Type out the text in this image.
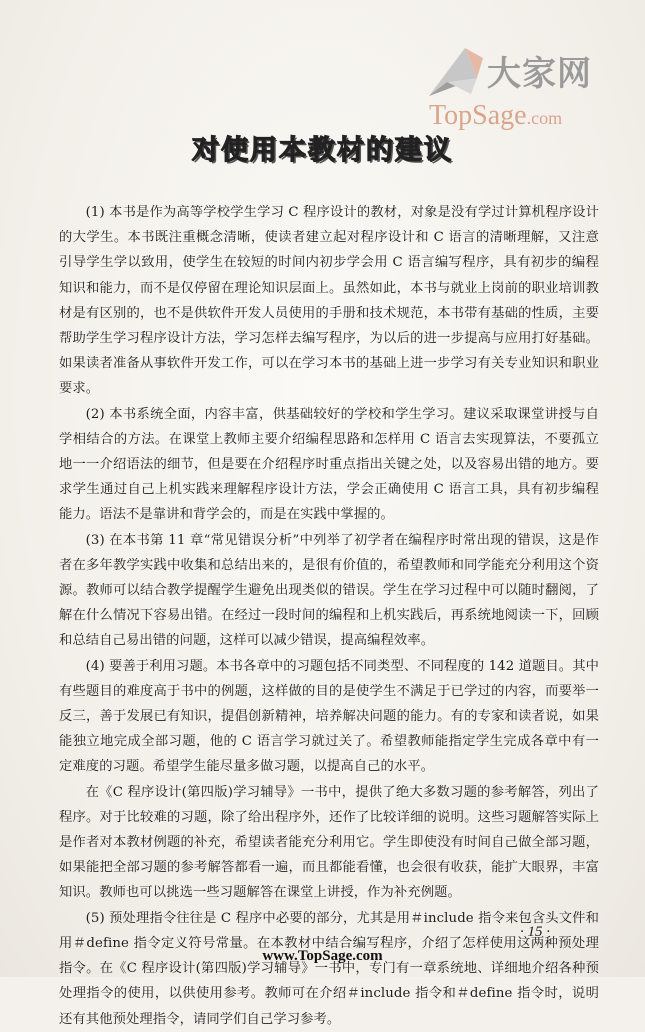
大家网
TopSage.com
对使用本教材的建议

(1) 本书是作为高等学校学生学习 C 程序设计的教材，对象是没有学过计算机程序设计的大学生。本书既注重概念清晰，使读者建立起对程序设计和 C 语言的清晰理解，又注意引导学生学以致用，使学生在较短的时间内初步学会用 C 语言编写程序，具有初步的编程知识和能力，而不是仅停留在理论知识层面上。虽然如此，本书与就业上岗前的职业培训教材是有区别的，也不是供软件开发人员使用的手册和技术规范，本书带有基础的性质，主要帮助学生学习程序设计方法，学习怎样去编写程序，为以后的进一步提高与应用打好基础。如果读者准备从事软件开发工作，可以在学习本书的基础上进一步学习有关专业知识和职业要求。

(2) 本书系统全面，内容丰富，供基础较好的学校和学生学习。建议采取课堂讲授与自学相结合的方法。在课堂上教师主要介绍编程思路和怎样用 C 语言去实现算法，不要孤立地一一介绍语法的细节，但是要在介绍程序时重点指出关键之处，以及容易出错的地方。要求学生通过自己上机实践来理解程序设计方法，学会正确使用 C 语言工具，具有初步编程能力。语法不是靠讲和背学会的，而是在实践中掌握的。

(3) 在本书第 11 章“常见错误分析”中列举了初学者在编程序时常出现的错误，这是作者在多年教学实践中收集和总结出来的，是很有价值的，希望教师和同学能充分利用这个资源。教师可以结合教学提醒学生避免出现类似的错误。学生在学习过程中可以随时翻阅，了解在什么情况下容易出错。在经过一段时间的编程和上机实践后，再系统地阅读一下，回顾和总结自己易出错的问题，这样可以减少错误，提高编程效率。

(4) 要善于利用习题。本书各章中的习题包括不同类型、不同程度的 142 道题目。其中有些题目的难度高于书中的例题，这样做的目的是使学生不满足于已学过的内容，而要举一反三，善于发展已有知识，提倡创新精神，培养解决问题的能力。有的专家和读者说，如果能独立地完成全部习题，他的 C 语言学习就过关了。希望教师能指定学生完成各章中有一定难度的习题。希望学生能尽量多做习题，以提高自己的水平。

在《C 程序设计(第四版)学习辅导》一书中，提供了绝大多数习题的参考解答，列出了程序。对于比较难的习题，除了给出程序外，还作了比较详细的说明。这些习题解答实际上是作者对本教材例题的补充，希望读者能充分利用它。学生即使没有时间自己做全部习题，如果能把全部习题的参考解答都看一遍，而且都能看懂，也会很有收获，能扩大眼界，丰富知识。教师也可以挑选一些习题解答在课堂上讲授，作为补充例题。

(5) 预处理指令往往是 C 程序中必要的部分，尤其是用＃include 指令来包含头文件和用＃define 指令定义符号常量。在本教材中结合编写程序，介绍了怎样使用这两种预处理指令。在《C 程序设计(第四版)学习辅导》一书中，专门有一章系统地、详细地介绍各种预处理指令的使用，以供使用参考。教师可在介绍＃include 指令和＃define 指令时，说明还有其他预处理指令，请同学们自己学习参考。

· 15 ·
www.TopSage.com
